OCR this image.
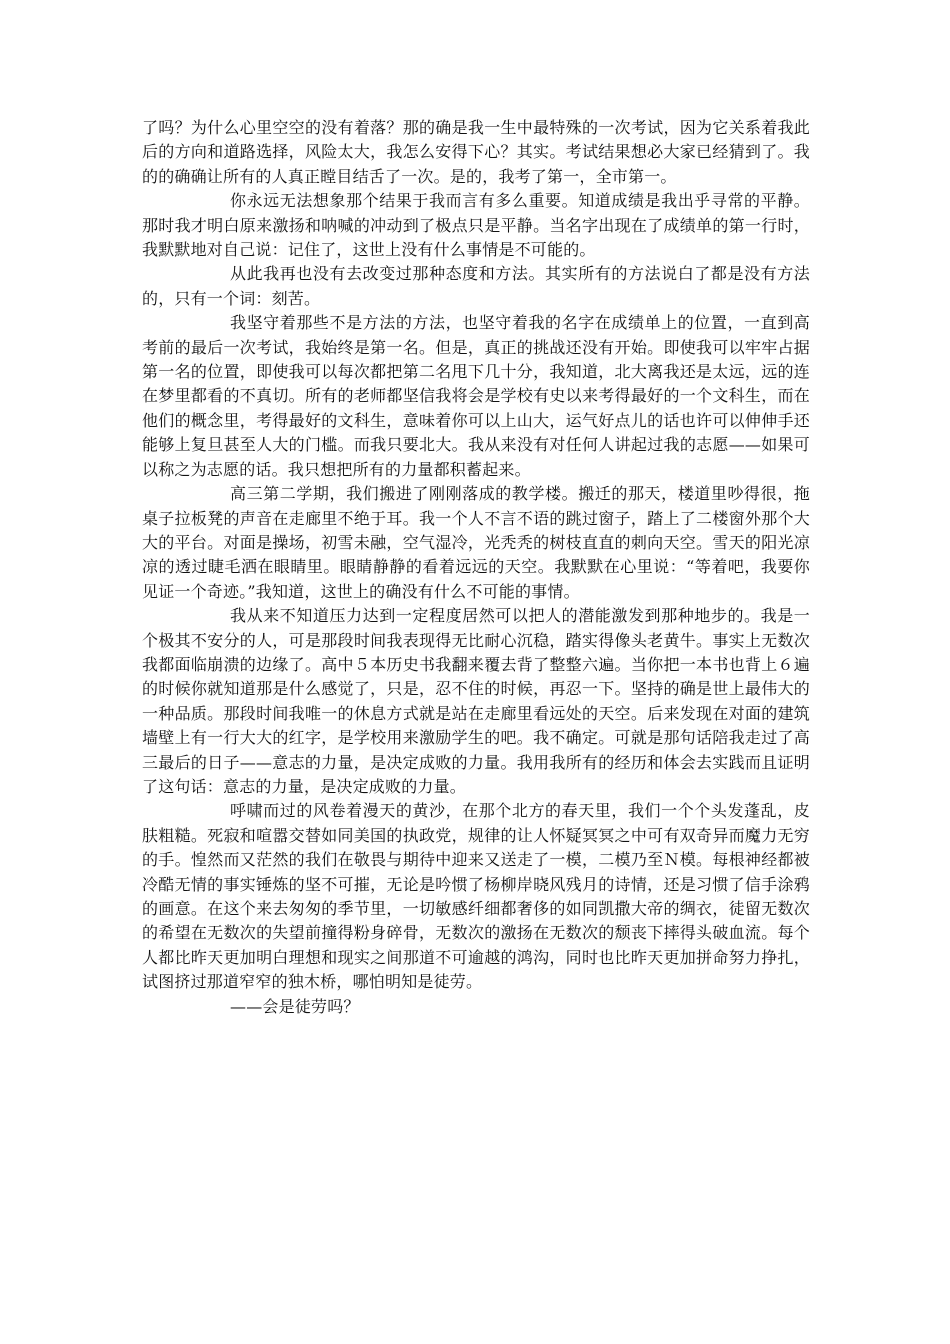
了吗？为什么心里空空的没有着落？那的确是我一生中最特殊的一次考试，因为它关系着我此后的方向和道路选择，风险太大，我怎么安得下心？其实。考试结果想必大家已经猜到了。我的的确确让所有的人真正瞠目结舌了一次。是的，我考了第一，全市第一。

你永远无法想象那个结果于我而言有多么重要。知道成绩是我出乎寻常的平静。那时我才明白原来激扬和呐喊的冲动到了极点只是平静。当名字出现在了成绩单的第一行时，我默默地对自己说：记住了，这世上没有什么事情是不可能的。

从此我再也没有去改变过那种态度和方法。其实所有的方法说白了都是没有方法的，只有一个词：刻苦。

我坚守着那些不是方法的方法，也坚守着我的名字在成绩单上的位置，一直到高考前的最后一次考试，我始终是第一名。但是，真正的挑战还没有开始。即使我可以牢牢占据第一名的位置，即使我可以每次都把第二名甩下几十分，我知道，北大离我还是太远，远的连在梦里都看的不真切。所有的老师都坚信我将会是学校有史以来考得最好的一个文科生，而在他们的概念里，考得最好的文科生，意味着你可以上山大，运气好点儿的话也许可以伸伸手还能够上复旦甚至人大的门槛。而我只要北大。我从来没有对任何人讲起过我的志愿——如果可以称之为志愿的话。我只想把所有的力量都积蓄起来。

高三第二学期，我们搬进了刚刚落成的教学楼。搬迁的那天，楼道里吵得很，拖桌子拉板凳的声音在走廊里不绝于耳。我一个人不言不语的跳过窗子，踏上了二楼窗外那个大大的平台。对面是操场，初雪未融，空气湿冷，光秃秃的树枝直直的刺向天空。雪天的阳光凉凉的透过睫毛洒在眼睛里。眼睛静静的看着远远的天空。我默默在心里说：“等着吧，我要你见证一个奇迹。”我知道，这世上的确没有什么不可能的事情。

我从来不知道压力达到一定程度居然可以把人的潜能激发到那种地步的。我是一个极其不安分的人，可是那段时间我表现得无比耐心沉稳，踏实得像头老黄牛。事实上无数次我都面临崩溃的边缘了。高中５本历史书我翻来覆去背了整整六遍。当你把一本书也背上６遍的时候你就知道那是什么感觉了，只是，忍不住的时候，再忍一下。坚持的确是世上最伟大的一种品质。那段时间我唯一的休息方式就是站在走廊里看远处的天空。后来发现在对面的建筑墙壁上有一行大大的红字，是学校用来激励学生的吧。我不确定。可就是那句话陪我走过了高三最后的日子——意志的力量，是决定成败的力量。我用我所有的经历和体会去实践而且证明了这句话：意志的力量，是决定成败的力量。

呼啸而过的风卷着漫天的黄沙，在那个北方的春天里，我们一个个头发蓬乱，皮肤粗糙。死寂和喧嚣交替如同美国的执政党，规律的让人怀疑冥冥之中可有双奇异而魔力无穷的手。惶然而又茫然的我们在敬畏与期待中迎来又送走了一模，二模乃至Ｎ模。每根神经都被冷酷无情的事实锤炼的坚不可摧，无论是吟惯了杨柳岸晓风残月的诗情，还是习惯了信手涂鸦的画意。在这个来去匆匆的季节里，一切敏感纤细都奢侈的如同凯撒大帝的绸衣，徒留无数次的希望在无数次的失望前撞得粉身碎骨，无数次的激扬在无数次的颓丧下摔得头破血流。每个人都比昨天更加明白理想和现实之间那道不可逾越的鸿沟，同时也比昨天更加拼命努力挣扎，试图挤过那道窄窄的独木桥，哪怕明知是徒劳。

——会是徒劳吗？
